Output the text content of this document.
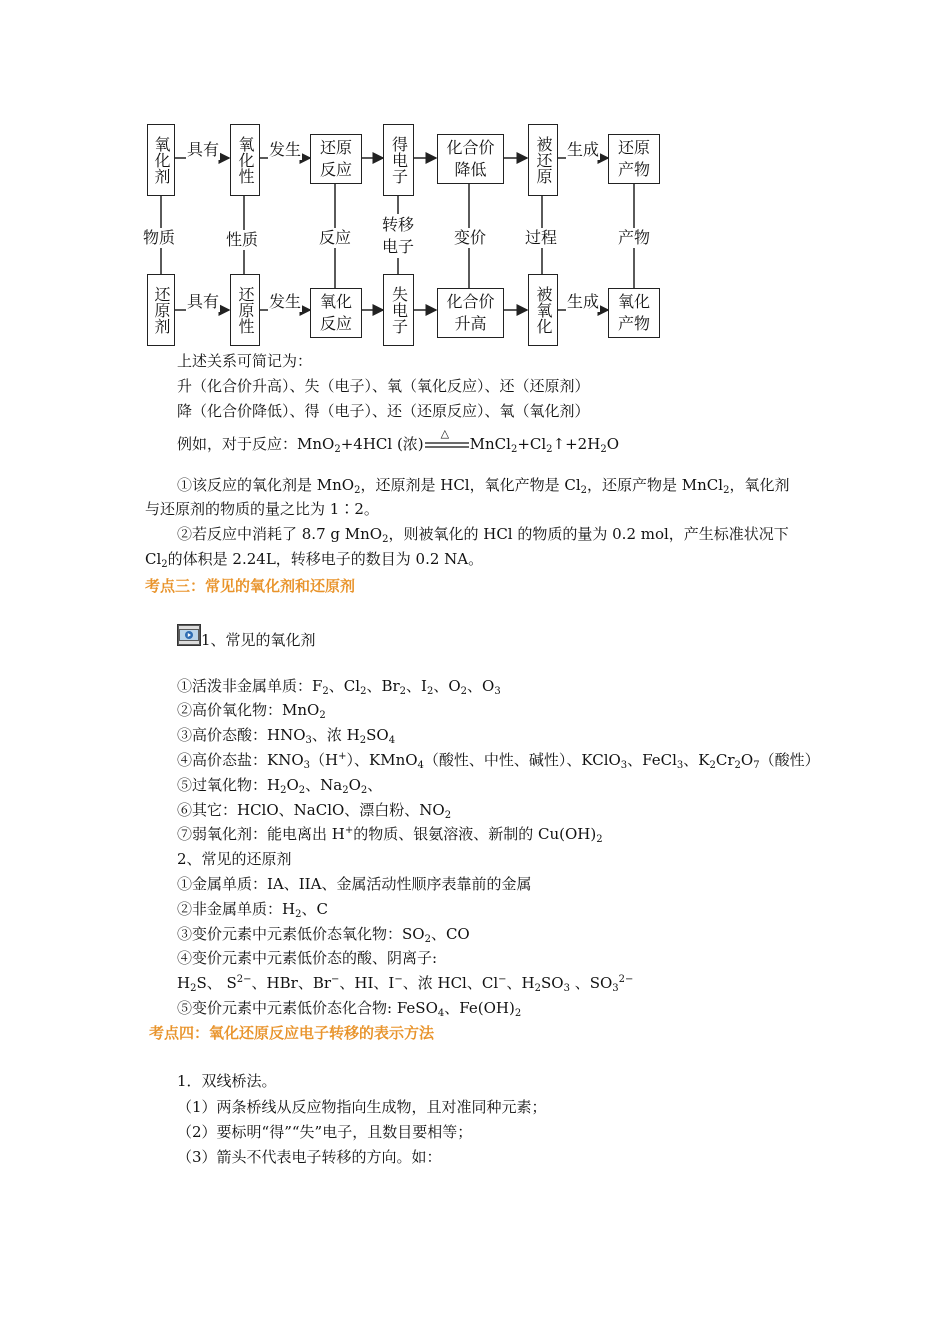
氧化剂	氧化性	还原反应 得电子 化合价降低	被还原	还原产物
还原剂	还原性	氧化反应 失电子 化合价升高	被氧化	氧化产物
具有	发生	生成
具有	发生	生成
物质	性质	反应
转移电子	变价 过程	产物
上述关系可简记为：
升（化合价升高）、失（电子）、氧（氧化反应）、还（还原剂）
降（化合价降低）、得（电子）、还（还原反应）、氧（氧化剂）
例如，对于反应：MnO$_2$+4HCl (浓)
△
$MnCl_2+Cl_2↑+2H_2O$
①该反应的氧化剂是 MnO$_2$，还原剂是 HCl，氧化产物是 $Cl_2$，还原产物是 MnCl$_2$，氧化剂
与还原剂的物质的量之比为 1∶2。
②若反应中消耗了 8.7 g MnO$_2$，则被氧化的 HCl 的物质的量为 0.2 mol，产生标准状况下
$Cl_2$的体积是 2.24L，转移电子的数目为 0.2 NA。
考点三：常见的氧化剂和还原剂
1、常见的氧化剂
①活泼非金属单质：$F_2$、$Cl_2$、$Br_2$、$I_2$、$O_2$、$O_3$
②高价氧化物：MnO$_2$
③高价态酸：$HNO_3$、浓 $H_2SO_4$
④高价态盐：$KNO_3(H^+)$、KMnO$_4$（酸性、中性、碱性）、KClO$_3$、FeCl$_3$、$K_2Cr_2O_7$（酸性）
⑤过氧化物：$H_2O_2$、$Na_2O_2$、
⑥其它：HClO、NaClO、漂白粉、$NO_2$
⑦弱氧化剂：能电离出 H+的物质、银氨溶液、新制的 $Cu(OH)_2$
2、常见的还原剂
①金属单质：IA、IIA、金属活动性顺序表靠前的金属
②非金属单质：$H_2$、C
③变价元素中元素低价态氧化物：$SO_2$、CO
④变价元素中元素低价态的酸、阴离子:
$H_2S$、 $S^{2-}$、HBr、Br−、HI、I−、浓 HCl、Cl−、$H_2SO_3$ 、$SO_3^{2-}$
⑤变价元素中元素低价态化合物: FeSO$_4$、$Fe(OH)_2$
考点四：氧化还原反应电子转移的表示方法
1．双线桥法。
（1）两条桥线从反应物指向生成物，且对准同种元素；
（2）要标明“得”“失”电子，且数目要相等；
（3）箭头不代表电子转移的方向。如：
